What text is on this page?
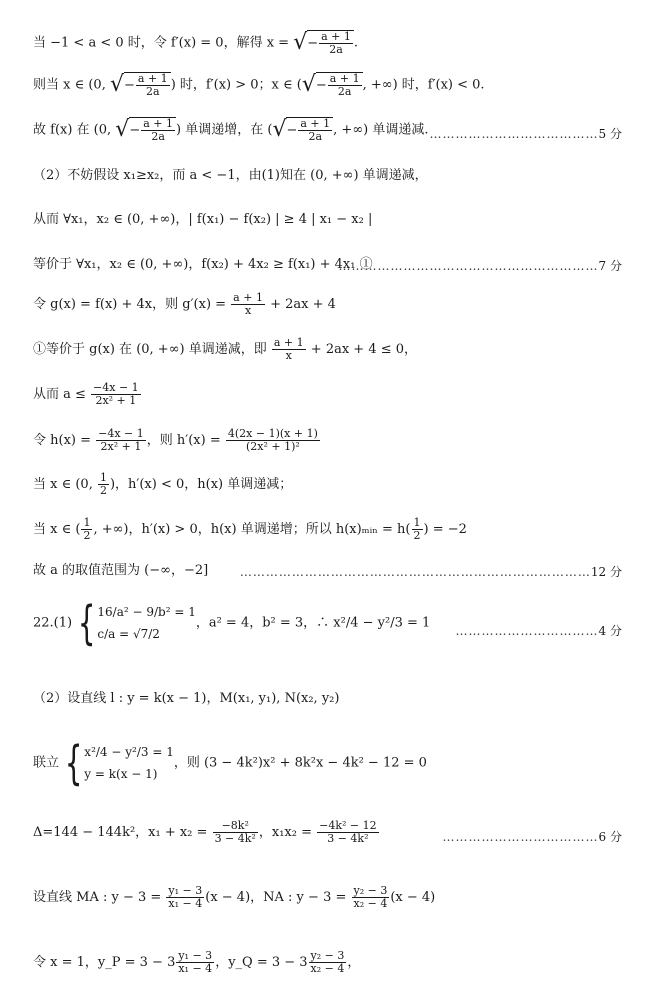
当 −1 < a < 0 时，令 f′(x) = 0，解得 x = √− $\frac{a + 1}{2a}$ .
则当 x ∈ (0, √− $\frac{a + 1}{2a}$ ) 时，f′(x) > 0；x ∈ (√− $\frac{a + 1}{2a}$ , +∞) 时，f′(x) < 0.
故 f(x) 在 (0, √− $\frac{a + 1}{2a}$ ) 单调递增，在 (√− $\frac{a + 1}{2a}$ , +∞) 单调递减. …………………………………5 分
（2）不妨假设 x₁≥x₂，而 a < −1，由(1)知在 (0, +∞) 单调递减，
从而 ∀x₁，x₂ ∈ (0, +∞)，| f(x₁) − f(x₂) | ≥ 4 | x₁ − x₂ |
等价于 ∀x₁，x₂ ∈ (0, +∞)，f(x₂) + 4x₂ ≥ f(x₁) + 4x₁ ①
……………………………………………………7 分
令 g(x) = f(x) + 4x，则 $g'(x) = \frac{a + 1}{x} + 2ax + 4$
①等价于 g(x) 在 (0, +∞) 单调递减，即 $\frac{a + 1}{x} + 2ax + 4 \le 0$，
从而 $a \le \frac{-4x - 1}{\text{2x² + 1}}$
令 $h(x) = \frac{-4x - 1}{\text{2x² + 1}}$ ，则 $h'(x) = \frac{4(2x - 1)(x + 1)}{\text{(2x² + 1)²}}$
当 x ∈ (0, $\frac{1}{2}$ )，h′(x) < 0，h(x) 单调递减；
当 x ∈ ( $\frac{1}{2}$ , +∞)，h′(x) > 0，h(x) 单调递增；所以 h(x)ₘᵢₙ = $h( \frac{1}{2}$ ) = −2
故 a 的取值范围为 (−∞，−2]	………………………………………………………………………12 分
22.(1) { 16/a² − 9/b² = 1
c/a = √7/2
，a² = 4，b² = 3，∴ x²/4 − y²/3 = 1
……………………………4 分
（2）设直线 l : y = k(x − 1)，M(x₁, y₁), N(x₂, y₂)
联立 { x²/4 − y²/3 = 1
y = k(x − 1)
，则 (3 − 4k²)x² + 8k²x − 4k² − 12 = 0
Δ=144 − 144k²，$x_1 + x_2 = \frac{\text{−8k²}}{\text{3 − 4k²}}$ ，$x_1x_2 = \frac{\text{−4k² − 12}}{\text{3 − 4k²}}$	………………………………6 分
设直线 MA : $y - 3 = \frac{\text{y₁ − 3}}{\text{x₁ − 4}} (x - 4)$，NA : $y - 3 = \frac{\text{y₂ − 3}}{\text{x₂ − 4}} (x - 4)$
令 x = 1，y_P = $3 - 3 \frac{\text{y₁ − 3}}{\text{x₁ − 4}}$ ，y_Q = $3 - 3 \frac{\text{y₂ − 3}}{\text{x₂ − 4}}$ ，
